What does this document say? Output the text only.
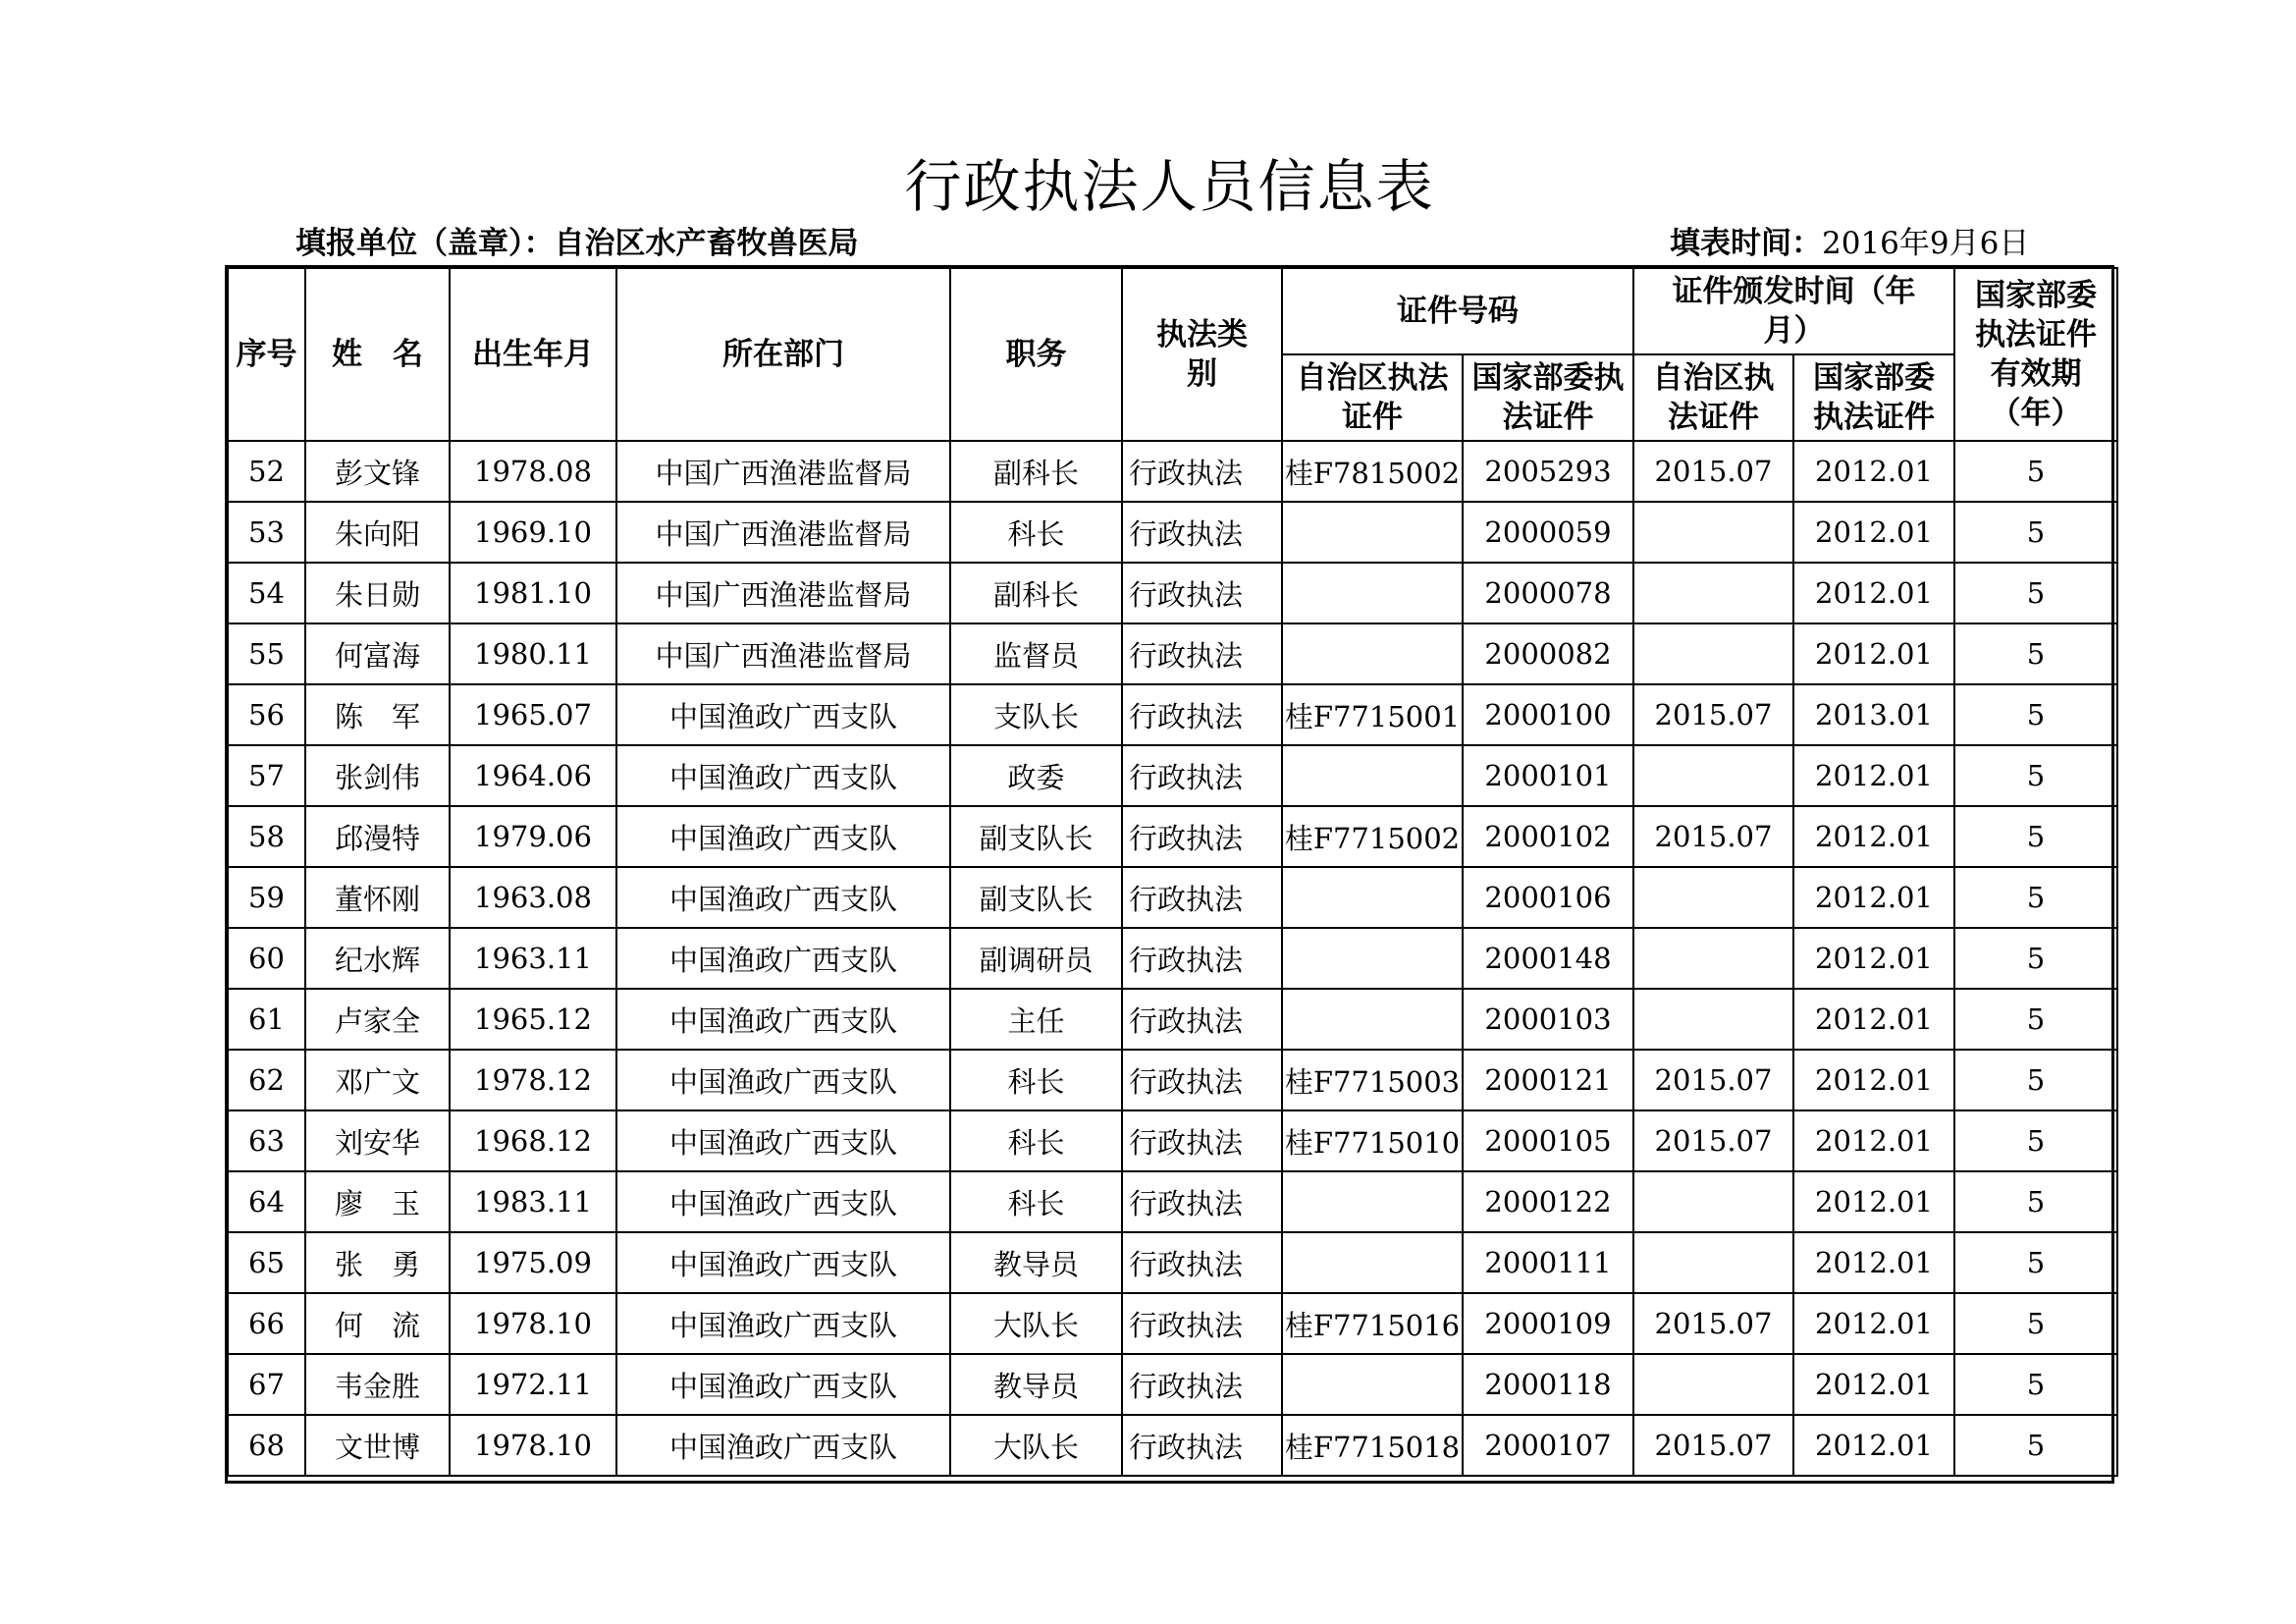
行政执法人员信息表
填报单位（盖章）：自治区水产畜牧兽医局	填表时间：2016年9月6日
序号	姓　名	出生年月	所在部门	职务	执法类别	证件号码		证件颁发时间（年月）		国家部委执法证件有效期（年）
						自治区执法证件	国家部委执法证件	自治区执法证件	国家部委执法证件	
52	彭文锋	1978.08	中国广西渔港监督局	副科长	行政执法	桂F7815002	2005293	2015.07	2012.01	5
53	朱向阳	1969.10	中国广西渔港监督局	科长	行政执法		2000059		2012.01	5
54	朱日勋	1981.10	中国广西渔港监督局	副科长	行政执法		2000078		2012.01	5
55	何富海	1980.11	中国广西渔港监督局	监督员	行政执法		2000082		2012.01	5
56	陈　军	1965.07	中国渔政广西支队	支队长	行政执法	桂F7715001	2000100	2015.07	2013.01	5
57	张剑伟	1964.06	中国渔政广西支队	政委	行政执法		2000101		2012.01	5
58	邱漫特	1979.06	中国渔政广西支队	副支队长	行政执法	桂F7715002	2000102	2015.07	2012.01	5
59	董怀刚	1963.08	中国渔政广西支队	副支队长	行政执法		2000106		2012.01	5
60	纪水辉	1963.11	中国渔政广西支队	副调研员	行政执法		2000148		2012.01	5
61	卢家全	1965.12	中国渔政广西支队	主任	行政执法		2000103		2012.01	5
62	邓广文	1978.12	中国渔政广西支队	科长	行政执法	桂F7715003	2000121	2015.07	2012.01	5
63	刘安华	1968.12	中国渔政广西支队	科长	行政执法	桂F7715010	2000105	2015.07	2012.01	5
64	廖　玉	1983.11	中国渔政广西支队	科长	行政执法		2000122		2012.01	5
65	张　勇	1975.09	中国渔政广西支队	教导员	行政执法		2000111		2012.01	5
66	何　流	1978.10	中国渔政广西支队	大队长	行政执法	桂F7715016	2000109	2015.07	2012.01	5
67	韦金胜	1972.11	中国渔政广西支队	教导员	行政执法		2000118		2012.01	5
68	文世博	1978.10	中国渔政广西支队	大队长	行政执法	桂F7715018	2000107	2015.07	2012.01	5
